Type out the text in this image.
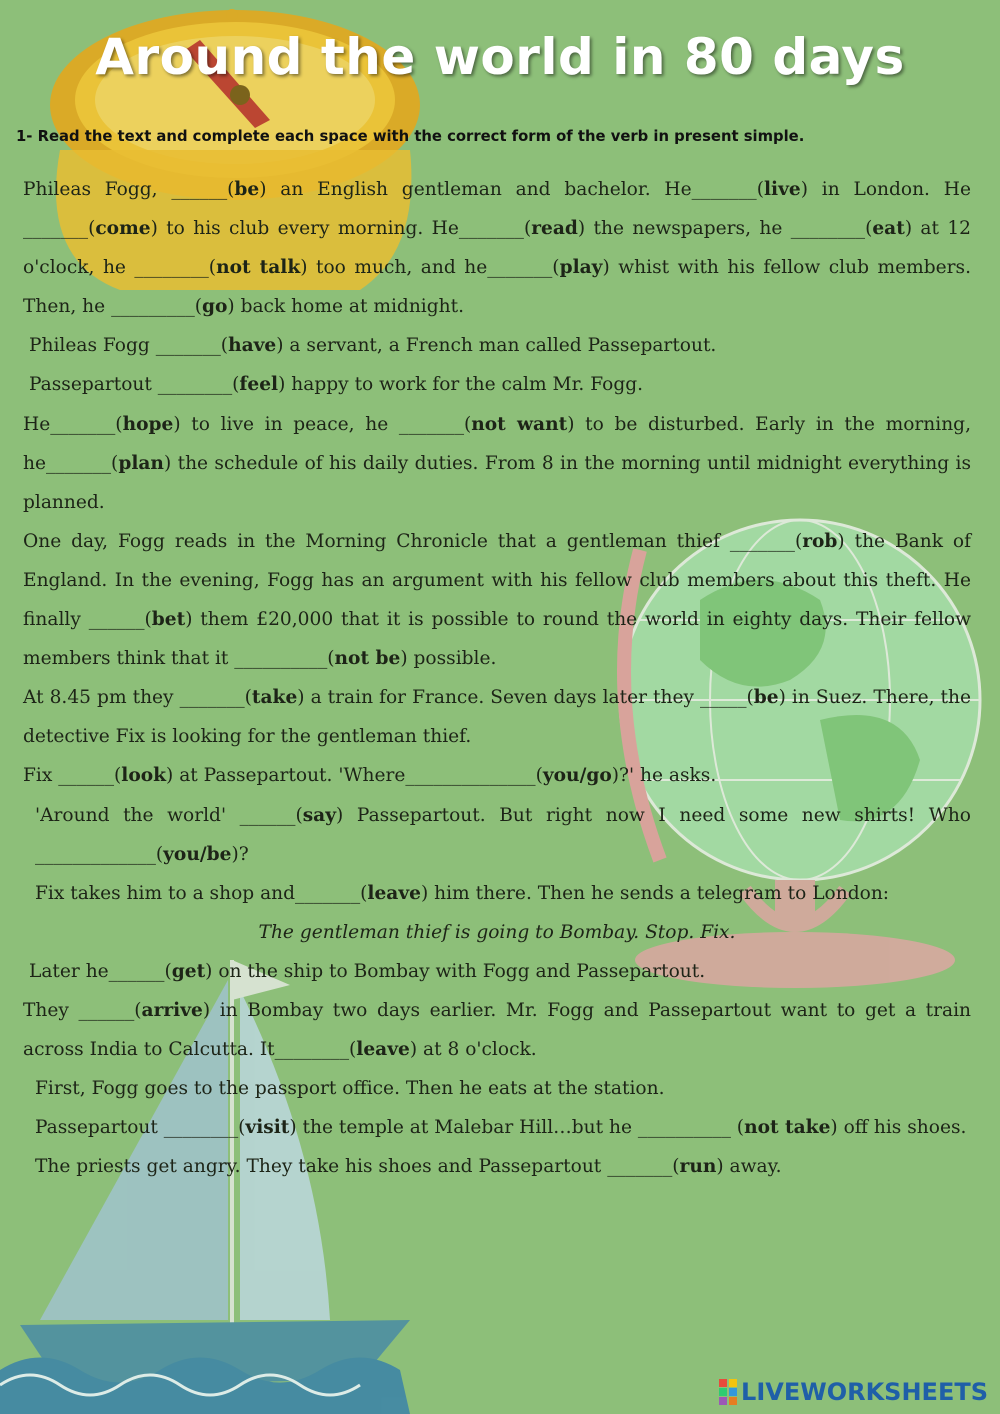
Around the world in 80 days

1- Read the text and complete each space with the correct form of the verb in present simple.

Phileas Fogg, ______(be) an English gentleman and bachelor. He_______(live) in London. He _______(come) to his club every morning. He_______(read) the newspapers, he ________(eat) at 12 o'clock, he ________(not talk) too much, and he_______(play) whist with his fellow club members. Then, he _________(go) back home at midnight.

Phileas Fogg _______(have) a servant, a French man called Passepartout.

Passepartout ________(feel) happy to work for the calm Mr. Fogg.

He_______(hope) to live in peace, he _______(not want) to be disturbed. Early in the morning, he_______(plan) the schedule of his daily duties. From 8 in the morning until midnight everything is planned.

One day, Fogg reads in the Morning Chronicle that a gentleman thief _______(rob) the Bank of England. In the evening, Fogg has an argument with his fellow club members about this theft. He finally ______(bet) them £20,000 that it is possible to round the world in eighty days. Their fellow members think that it __________(not be) possible.

At 8.45 pm they _______(take) a train for France. Seven days later they _____(be) in Suez. There, the detective Fix is looking for the gentleman thief.

Fix ______(look) at Passepartout. 'Where______________(you/go)?' he asks.

'Around the world' ______(say) Passepartout. But right now I need some new shirts! Who _____________(you/be)?

Fix takes him to a shop and_______(leave) him there. Then he sends a telegram to London:

The gentleman thief is going to Bombay. Stop. Fix.

Later he______(get) on the ship to Bombay with Fogg and Passepartout.

They ______(arrive) in Bombay two days earlier. Mr. Fogg and Passepartout want to get a train across India to Calcutta. It________(leave) at 8 o'clock.

First, Fogg goes to the passport office. Then he eats at the station.

Passepartout ________(visit) the temple at Malebar Hill…but he __________ (not take) off his shoes.

The priests get angry. They take his shoes and Passepartout _______(run) away.

LIVEWORKSHEETS
